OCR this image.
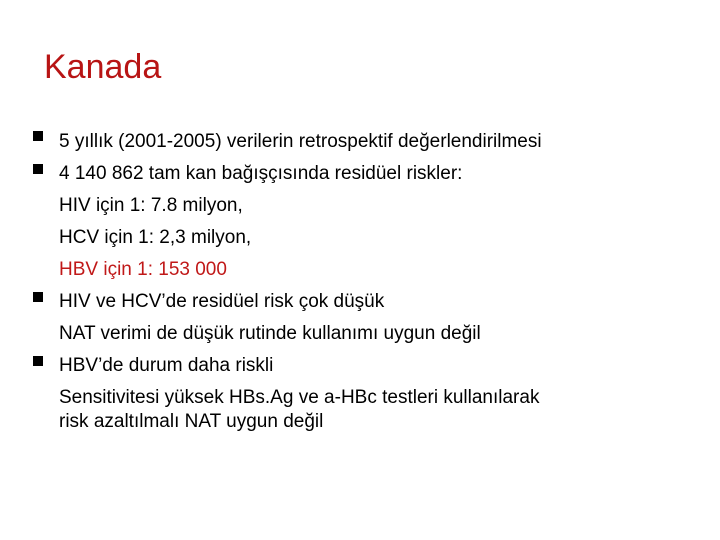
Kanada
5 yıllık (2001-2005) verilerin retrospektif değerlendirilmesi
4 140 862 tam kan bağışçısında residüel riskler:
HIV için 1: 7.8 milyon,
HCV için 1: 2,3 milyon,
HBV için 1: 153 000
HIV ve HCV’de residüel risk çok düşük
NAT verimi de düşük rutinde kullanımı uygun değil
HBV’de durum daha riskli
Sensitivitesi yüksek HBs.Ag ve a-HBc testleri kullanılarak
risk azaltılmalı NAT uygun değil
